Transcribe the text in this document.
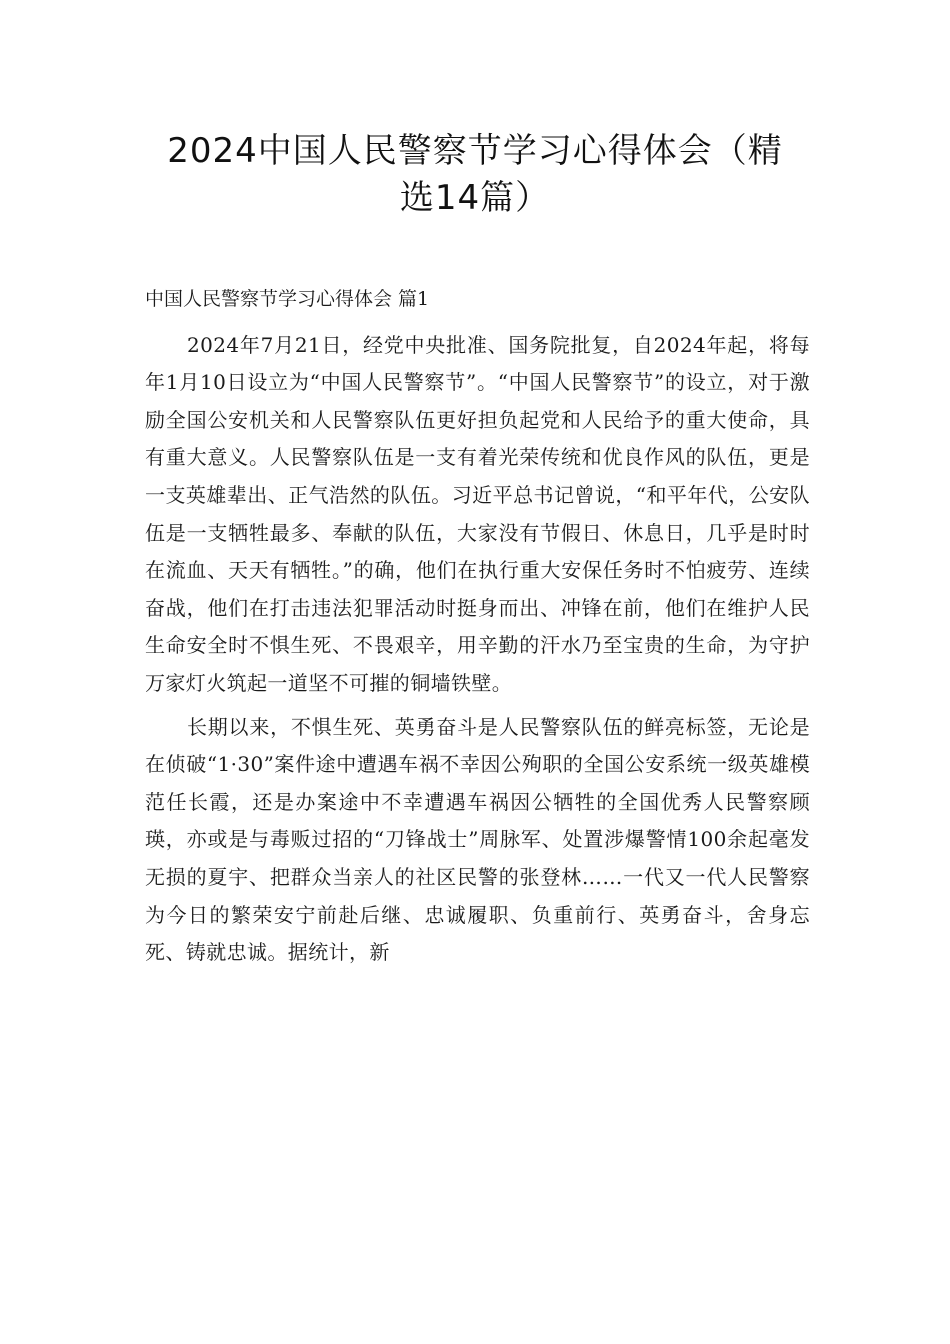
2024中国人民警察节学习心得体会（精
选14篇）

中国人民警察节学习心得体会 篇1

2024年7月21日，经党中央批准、国务院批复，自2024年起，将每年1月10日设立为“中国人民警察节”。“中国人民警察节”的设立，对于激励全国公安机关和人民警察队伍更好担负起党和人民给予的重大使命，具有重大意义。人民警察队伍是一支有着光荣传统和优良作风的队伍，更是一支英雄辈出、正气浩然的队伍。习近平总书记曾说，“和平年代，公安队伍是一支牺牲最多、奉献的队伍，大家没有节假日、休息日，几乎是时时在流血、天天有牺牲。”的确，他们在执行重大安保任务时不怕疲劳、连续奋战，他们在打击违法犯罪活动时挺身而出、冲锋在前，他们在维护人民生命安全时不惧生死、不畏艰辛，用辛勤的汗水乃至宝贵的生命，为守护万家灯火筑起一道坚不可摧的铜墙铁壁。

长期以来，不惧生死、英勇奋斗是人民警察队伍的鲜亮标签，无论是在侦破“1·30”案件途中遭遇车祸不幸因公殉职的全国公安系统一级英雄模范任长霞，还是办案途中不幸遭遇车祸因公牺牲的全国优秀人民警察顾瑛，亦或是与毒贩过招的“刀锋战士”周脉军、处置涉爆警情100余起毫发无损的夏宇、把群众当亲人的社区民警的张登林……一代又一代人民警察为今日的繁荣安宁前赴后继、忠诚履职、负重前行、英勇奋斗，舍身忘死、铸就忠诚。据统计，新
